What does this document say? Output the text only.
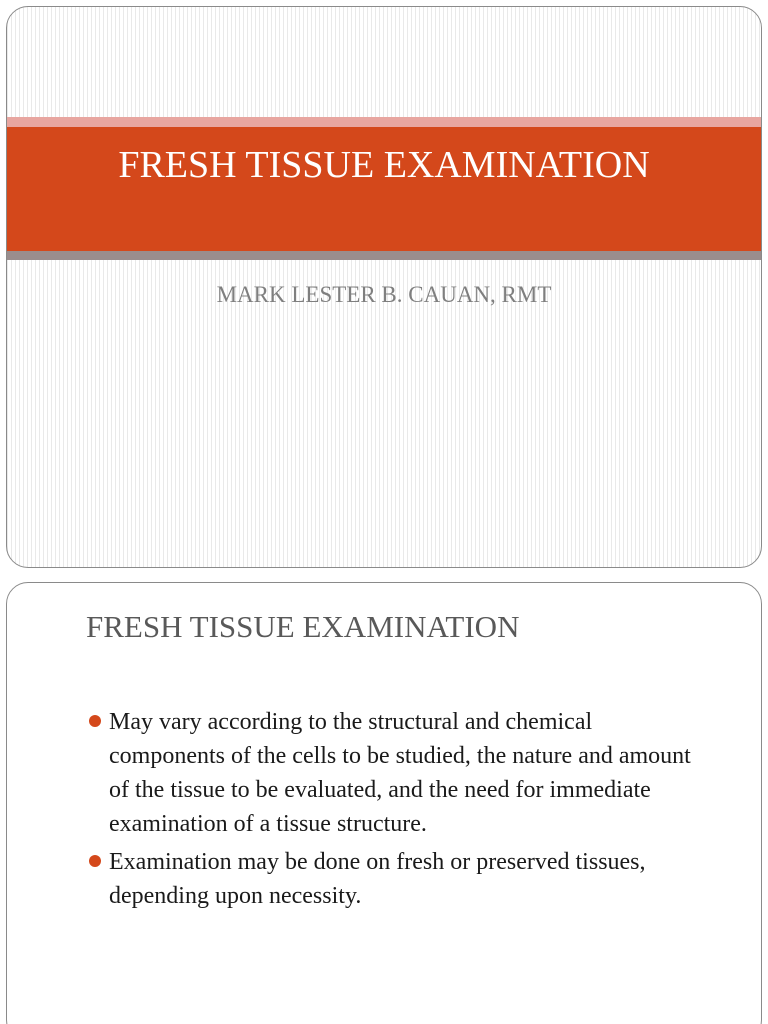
FRESH TISSUE EXAMINATION

MARK LESTER B. CAUAN, RMT

FRESH TISSUE EXAMINATION
May vary according to the structural and chemical components of the cells to be studied, the nature and amount of the tissue to be evaluated, and the need for immediate examination of a tissue structure.
Examination may be done on fresh or preserved tissues, depending upon necessity.
